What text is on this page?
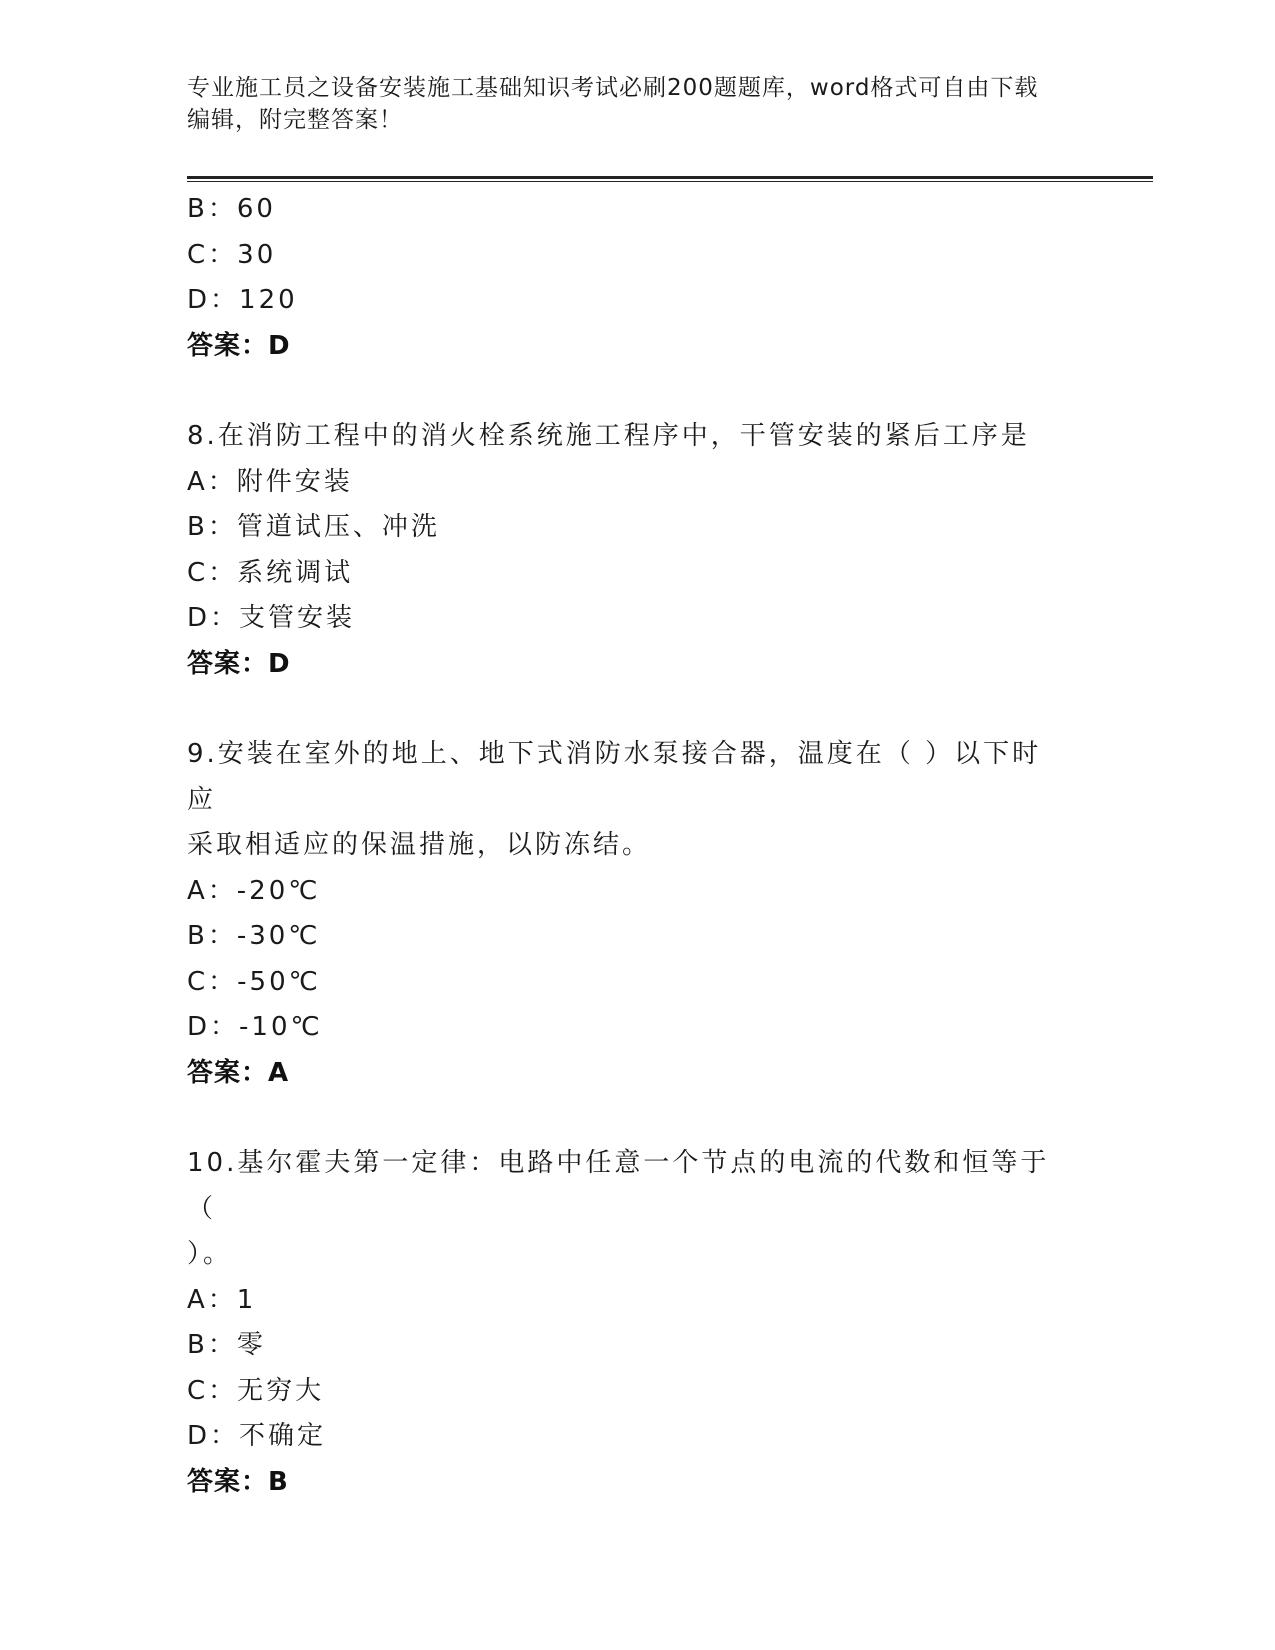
专业施工员之设备安装施工基础知识考试必刷200题题库，word格式可自由下载
编辑，附完整答案！
B：60
C：30
D：120
答案：D
8.在消防工程中的消火栓系统施工程序中，干管安装的紧后工序是
A：附件安装
B：管道试压、冲洗
C：系统调试
D：支管安装
答案：D
9.安装在室外的地上、地下式消防水泵接合器，温度在（ ）以下时应
采取相适应的保温措施，以防冻结。
A：-20℃
B：-30℃
C：-50℃
D：-10℃
答案：A
10.基尔霍夫第一定律：电路中任意一个节点的电流的代数和恒等于（
）。
A：1
B：零
C：无穷大
D：不确定
答案：B
